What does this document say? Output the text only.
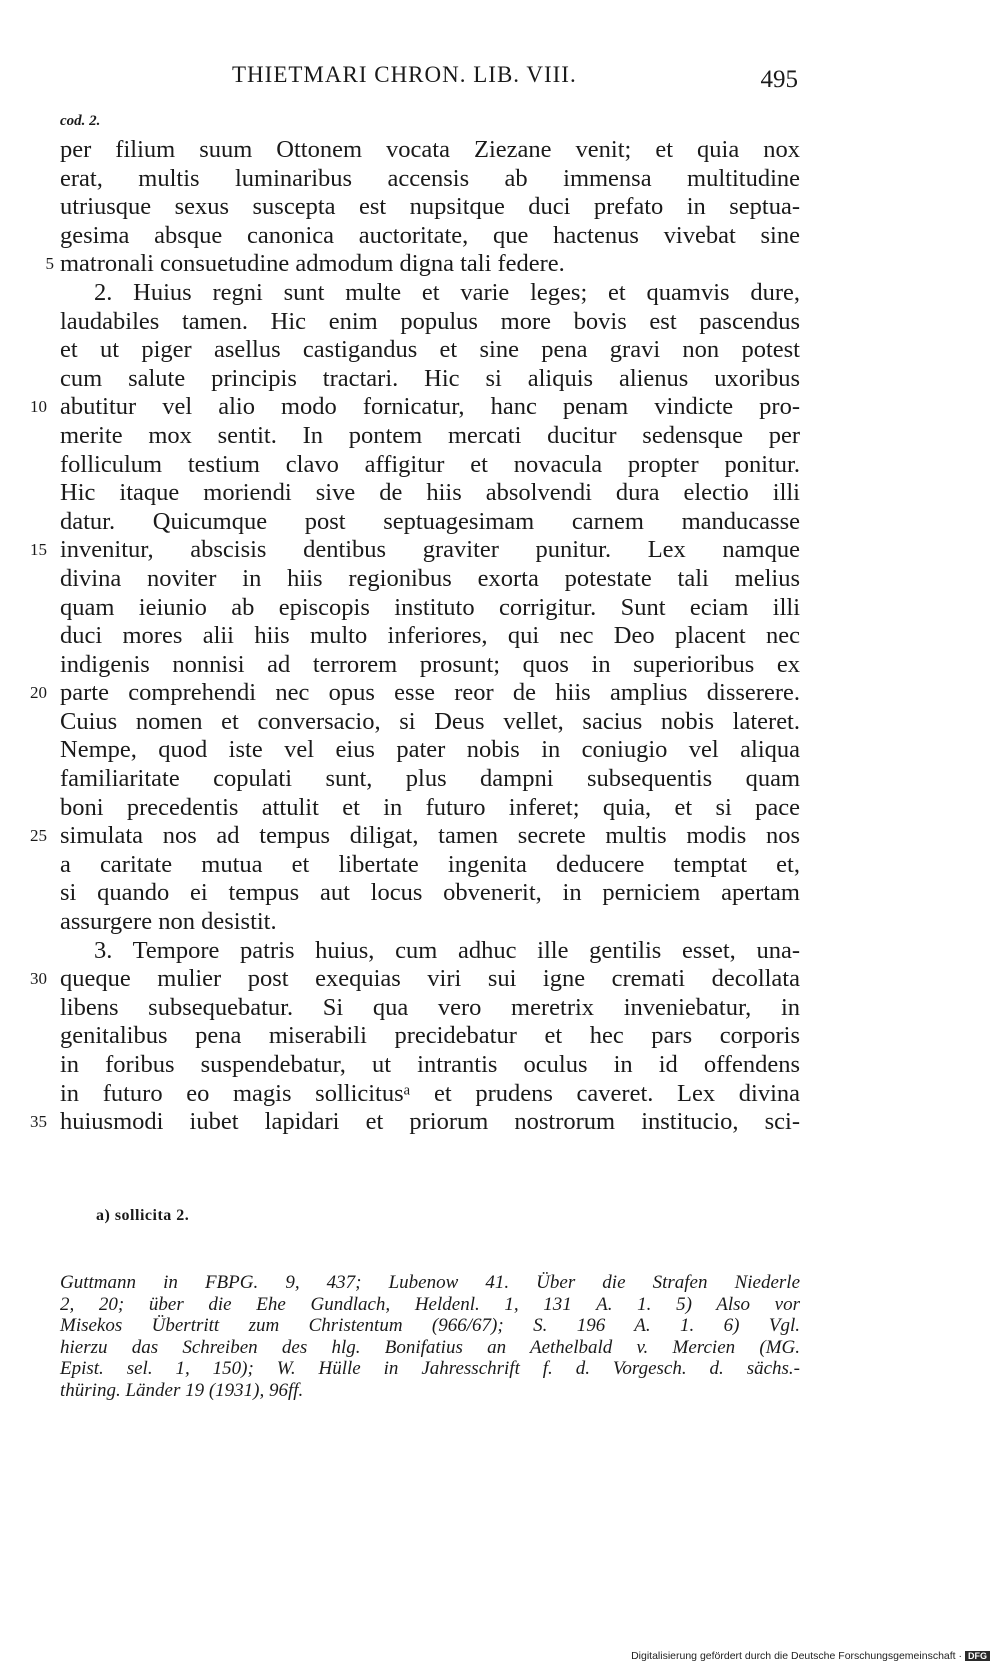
THIETMARI CHRON. LIB. VIII.	495
cod. 2.
per filium suum Ottonem vocata Ziezane venit; et quia nox
erat, multis luminaribus accensis ab immensa multitudine
utriusque sexus suscepta est nupsitque duci prefato in septua-
gesima absque canonica auctoritate, que hactenus vivebat sine
5 matronali consuetudine admodum digna tali federe.
2. Huius regni sunt multe et varie leges; et quamvis dure,
laudabiles tamen. Hic enim populus more bovis est pascendus
et ut piger asellus castigandus et sine pena gravi non potest
cum salute principis tractari. Hic si aliquis alienus uxoribus
10 abutitur vel alio modo fornicatur, hanc penam vindicte pro-
merite mox sentit. In pontem mercati ducitur sedensque per
folliculum testium clavo affigitur et novacula propter ponitur.
Hic itaque moriendi sive de hiis absolvendi dura electio illi
datur. Quicumque post septuagesimam carnem manducasse
15 invenitur, abscisis dentibus graviter punitur. Lex namque
divina noviter in hiis regionibus exorta potestate tali melius
quam ieiunio ab episcopis instituto corrigitur. Sunt eciam illi
duci mores alii hiis multo inferiores, qui nec Deo placent nec
indigenis nonnisi ad terrorem prosunt; quos in superioribus ex
20 parte comprehendi nec opus esse reor de hiis amplius disserere.
Cuius nomen et conversacio, si Deus vellet, sacius nobis lateret.
Nempe, quod iste vel eius pater nobis in coniugio vel aliqua
familiaritate copulati sunt, plus dampni subsequentis quam
boni precedentis attulit et in futuro inferet; quia, et si pace
25 simulata nos ad tempus diligat, tamen secrete multis modis nos
a caritate mutua et libertate ingenita deducere temptat et,
si quando ei tempus aut locus obvenerit, in perniciem apertam
assurgere non desistit.
3. Tempore patris huius, cum adhuc ille gentilis esset, una-
30 queque mulier post exequias viri sui igne cremati decollata
libens subsequebatur. Si qua vero meretrix inveniebatur, in
genitalibus pena miserabili precidebatur et hec pars corporis
in foribus suspendebatur, ut intrantis oculus in id offendens
in futuro eo magis sollicitusᵃ et prudens caveret. Lex divina
35 huiusmodi iubet lapidari et priorum nostrorum institucio, sci-
a) sollicita 2.
Guttmann in FBPG. 9, 437; Lubenow 41. Über die Strafen Niederle
2, 20; über die Ehe Gundlach, Heldenl. 1, 131 A. 1. 5) Also vor
Misekos Übertritt zum Christentum (966/67); S. 196 A. 1. 6) Vgl.
hierzu das Schreiben des hlg. Bonifatius an Aethelbald v. Mercien (MG.
Epist. sel. 1, 150); W. Hülle in Jahresschrift f. d. Vorgesch. d. sächs.-
thüring. Länder 19 (1931), 96ff.
Digitalisierung gefördert durch die Deutsche Forschungsgemeinschaft · DFG
